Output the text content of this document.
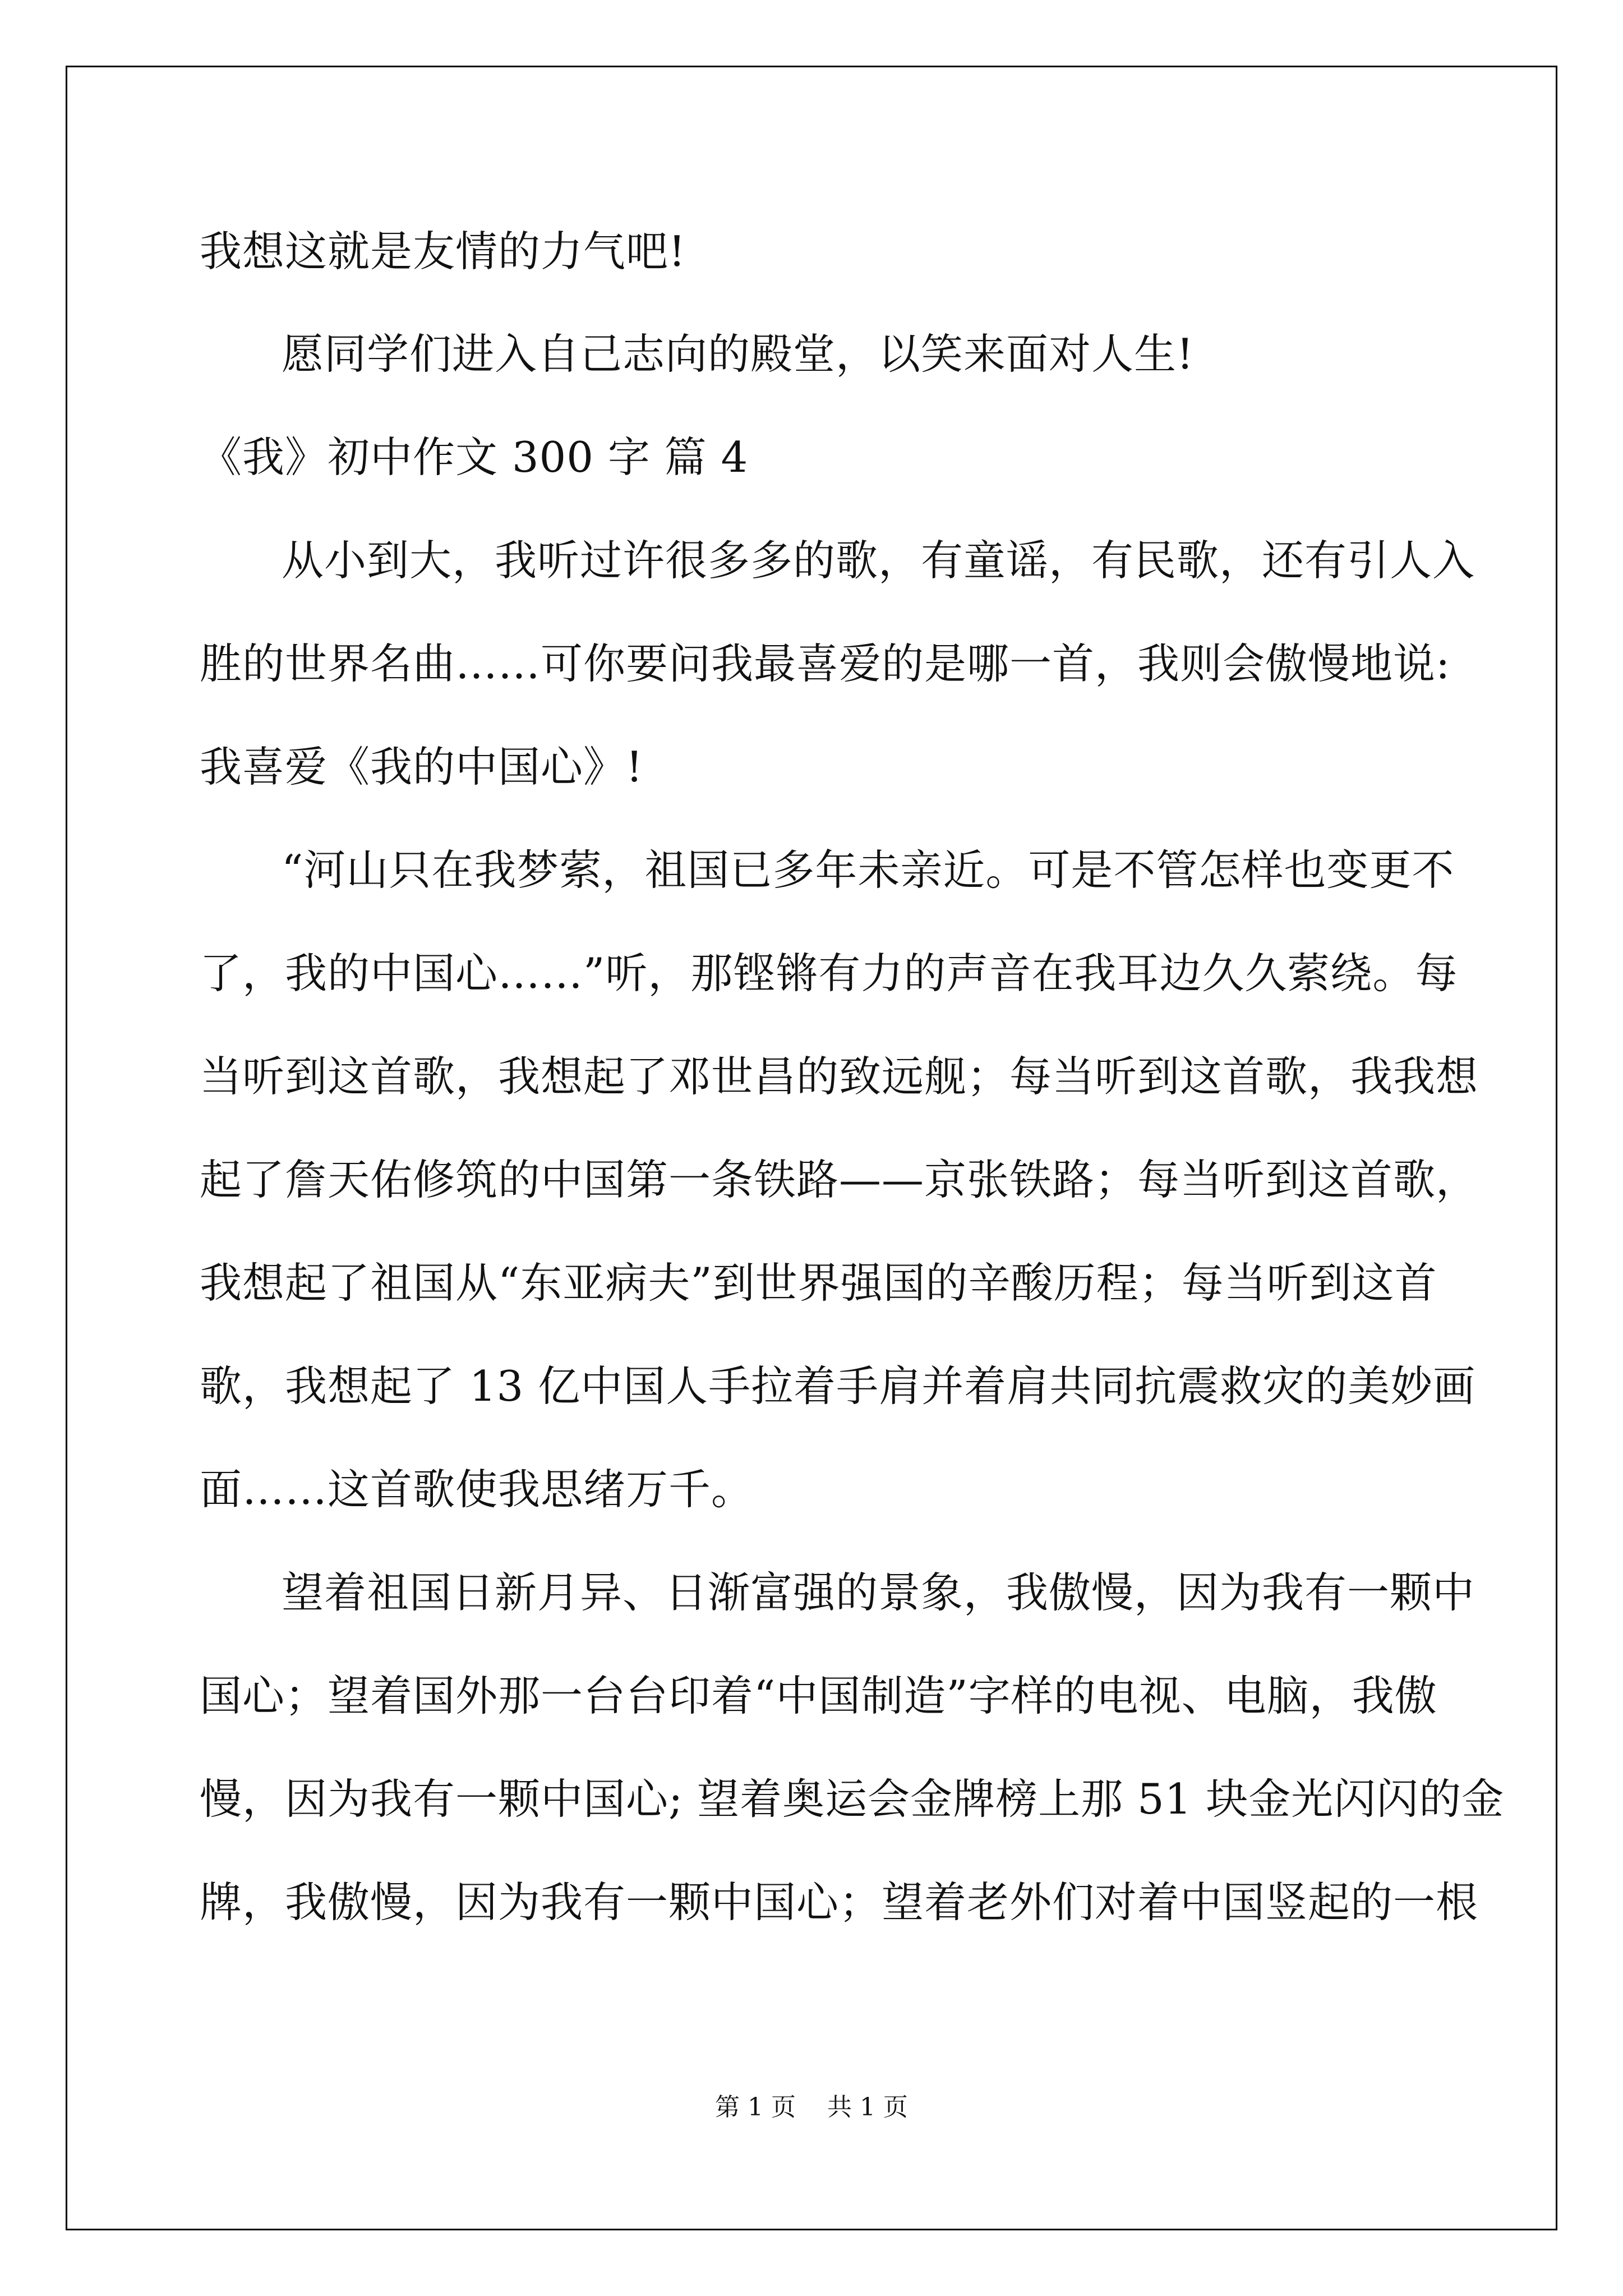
我想这就是友情的力气吧!
愿同学们进入自己志向的殿堂，以笑来面对人生!
《我》初中作文 300 字 篇 4
从小到大，我听过许很多多的歌，有童谣，有民歌，还有引人入
胜的世界名曲……可你要问我最喜爱的是哪一首，我则会傲慢地说:
我喜爱《我的中国心》!
“河山只在我梦萦，祖国已多年未亲近。可是不管怎样也变更不
了，我的中国心……”听，那铿锵有力的声音在我耳边久久萦绕。每
当听到这首歌，我想起了邓世昌的致远舰；每当听到这首歌，我我想
起了詹天佑修筑的中国第一条铁路——京张铁路；每当听到这首歌，
我想起了祖国从“东亚病夫”到世界强国的辛酸历程；每当听到这首
歌，我想起了 13 亿中国人手拉着手肩并着肩共同抗震救灾的美妙画
面……这首歌使我思绪万千。
望着祖国日新月异、日渐富强的景象，我傲慢，因为我有一颗中
国心；望着国外那一台台印着“中国制造”字样的电视、电脑，我傲
慢，因为我有一颗中国心; 望着奥运会金牌榜上那 51 块金光闪闪的金
牌，我傲慢，因为我有一颗中国心；望着老外们对着中国竖起的一根
第 1 页    共 1 页
